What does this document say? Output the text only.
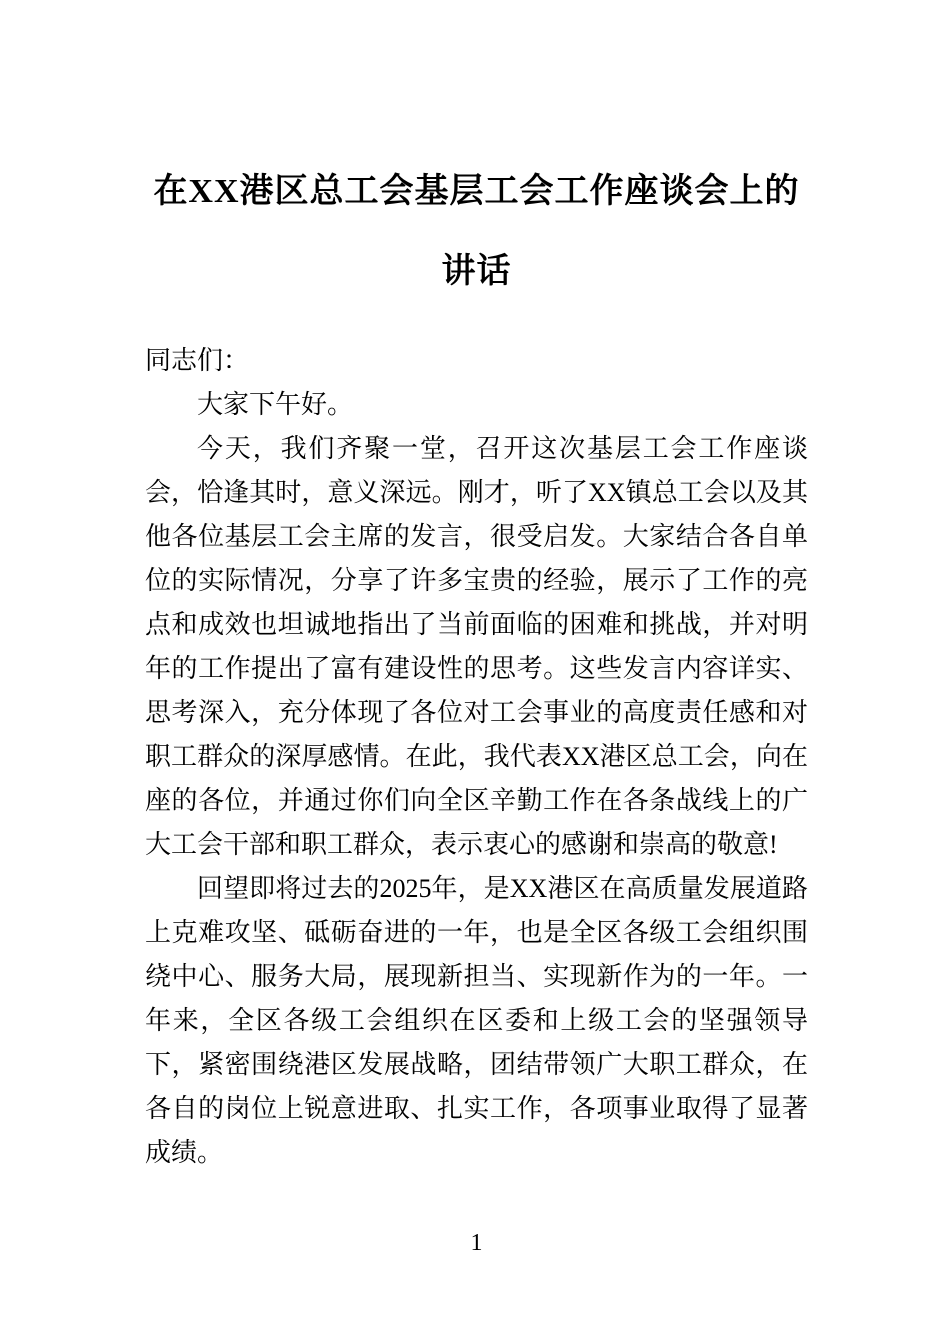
在XX港区总工会基层工会工作座谈会上的
讲话

同志们：

大家下午好。

今天，我们齐聚一堂，召开这次基层工会工作座谈会，恰逢其时，意义深远。刚才，听了XX镇总工会以及其他各位基层工会主席的发言，很受启发。大家结合各自单位的实际情况，分享了许多宝贵的经验，展示了工作的亮点和成效也坦诚地指出了当前面临的困难和挑战，并对明年的工作提出了富有建设性的思考。这些发言内容详实、思考深入，充分体现了各位对工会事业的高度责任感和对职工群众的深厚感情。在此，我代表XX港区总工会，向在座的各位，并通过你们向全区辛勤工作在各条战线上的广大工会干部和职工群众，表示衷心的感谢和崇高的敬意!

回望即将过去的2025年，是XX港区在高质量发展道路上克难攻坚、砥砺奋进的一年，也是全区各级工会组织围绕中心、服务大局，展现新担当、实现新作为的一年。一年来，全区各级工会组织在区委和上级工会的坚强领导下，紧密围绕港区发展战略，团结带领广大职工群众，在各自的岗位上锐意进取、扎实工作，各项事业取得了显著成绩。

1
